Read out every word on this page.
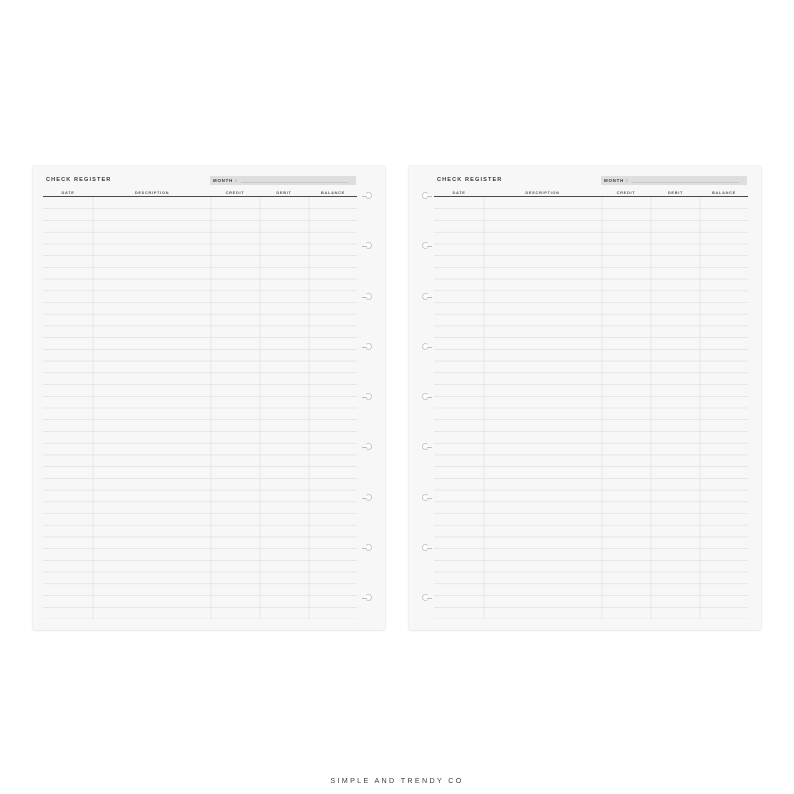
CHECK REGISTER	MONTH :
DATE	DESCRIPTION	CREDIT	DEBIT	BALANCE
CHECK REGISTER	MONTH :
DATE	DESCRIPTION	CREDIT	DEBIT	BALANCE
SIMPLE AND TRENDY CO
